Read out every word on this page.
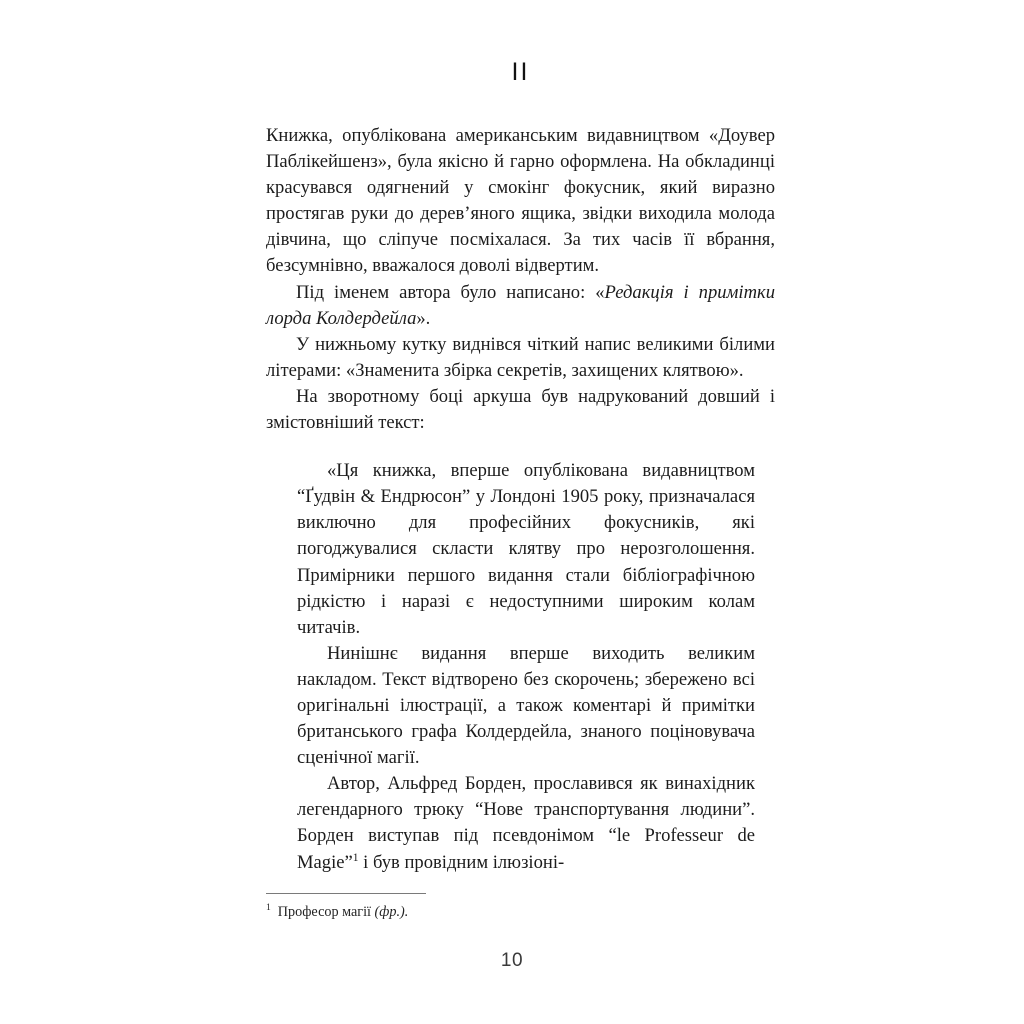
II

Книжка, опублікована американським видавництвом «Доувер Паблікейшенз», була якісно й гарно оформлена. На обкладинці красувався одягнений у смокінг фокусник, який виразно простягав руки до дерев’яного ящика, звідки виходила молода дівчина, що сліпуче посміхалася. За тих часів її вбрання, безсумнівно, вважалося доволі відвертим.

Під іменем автора було написано: «Редакція і примітки лорда Колдердейла».

У нижньому кутку виднівся чіткий напис великими білими літерами: «Знаменита збірка секретів, захищених клятвою».

На зворотному боці аркуша був надрукований довший і змістовніший текст:

«Ця книжка, вперше опублікована видавництвом “Ґудвін & Ендрюсон” у Лондоні 1905 року, призначалася виключно для професійних фокусників, які погоджувалися скласти клятву про нерозголошення. Примірники першого видання стали бібліографічною рідкістю і наразі є недоступними широким колам читачів.

Нинішнє видання вперше виходить великим накладом. Текст відтворено без скорочень; збережено всі оригінальні ілюстрації, а також коментарі й примітки британського графа Колдердейла, знаного поціновувача сценічної магії.

Автор, Альфред Борден, прославився як винахідник легендарного трюку “Нове транспортування людини”. Борден виступав під псевдонімом “le Professeur de Magie”$^1$ і був провідним ілюзіоні-

$^1$ Професор магії (фр.).

10
